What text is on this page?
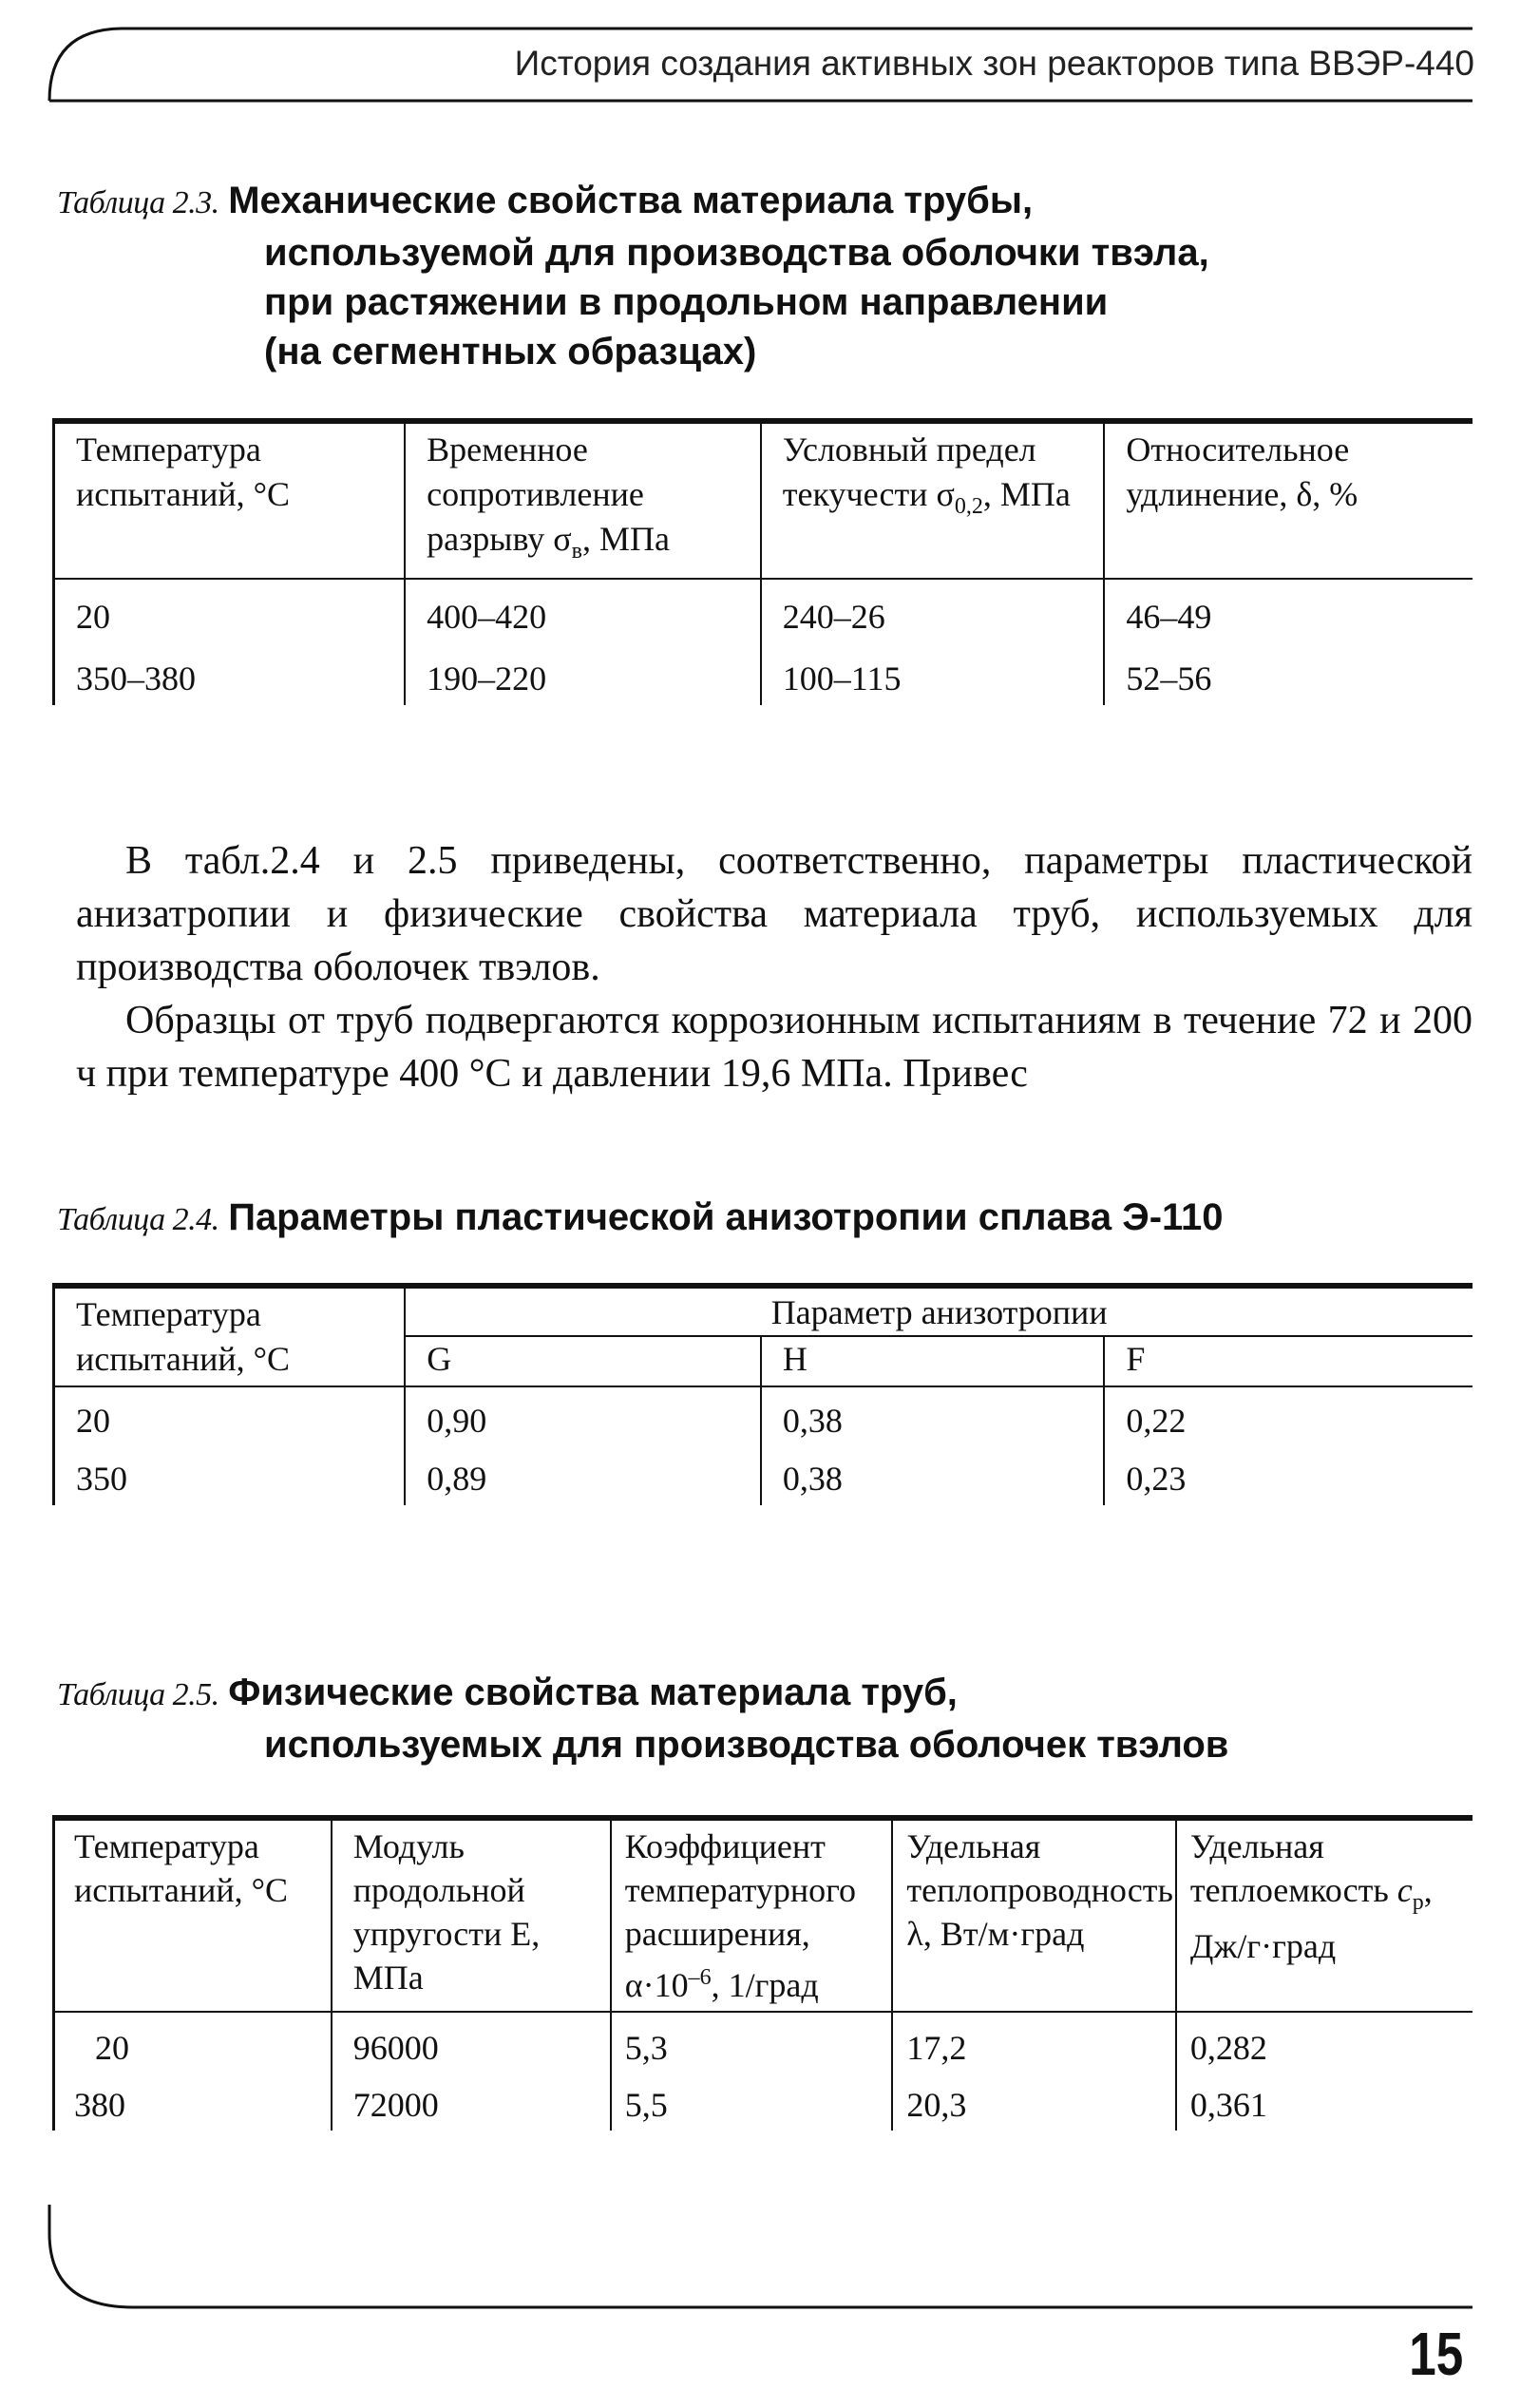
История создания активных зон реакторов типа ВВЭР-440
Таблица 2.3. Механические свойства материала трубы,
используемой для производства оболочки твэла,
при растяжении в продольном направлении
(на сегментных образцах)
Температура испытаний, °С	Временное сопротивление разрыву $\sigma_в$, МПа	Условный предел текучести $\sigma_{0,2}$, МПа	Относительное удлинение, δ, %
20	400–420	240–26	46–49
350–380	190–220	100–115	52–56

В табл.2.4 и 2.5 приведены, соответственно, параметры пластической анизатропии и физические свойства материала труб, используемых для производства оболочек твэлов.

Образцы от труб подвергаются коррозионным испытаниям в течение 72 и 200 ч при температуре 400 °С и давлении 19,6 МПа. Привес

Таблица 2.4. Параметры пластической анизотропии сплава Э-110
Температура испытаний, °С	Параметр анизотропии		
	G	H	F
20	0,90	0,38	0,22
350	0,89	0,38	0,23
Таблица 2.5. Физические свойства материала труб,
используемых для производства оболочек твэлов
Температура испытаний, °С	Модуль продольной упругости Е, МПа	Коэффициент температурного расширения, $\alpha\cdot 10^{-6}$, 1/град	Удельная теплопроводность λ, Вт/м·град	Удельная теплоемкость $c_р$, Дж/г·град
20	96000	5,3	17,2	0,282
380	72000	5,5	20,3	0,361
15
